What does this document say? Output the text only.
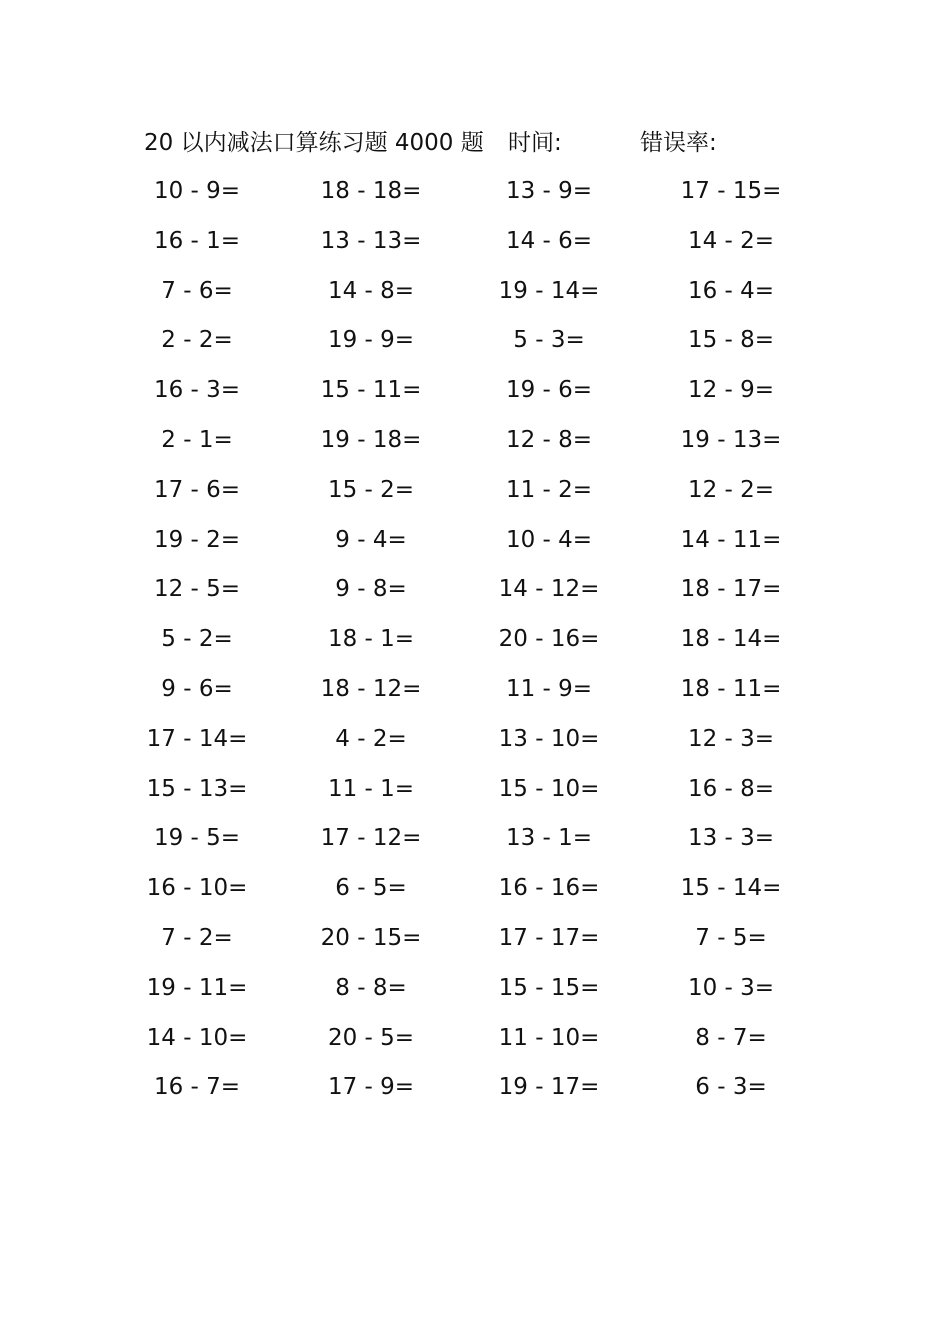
20 以内减法口算练习题 4000 题 时间:	错误率:
10 - 9=	18 - 18=	13 - 9=	17 - 15=
16 - 1=	13 - 13=	14 - 6=	14 - 2=
7 - 6=	14 - 8=	19 - 14=	16 - 4=
2 - 2=	19 - 9=	5 - 3=	15 - 8=
16 - 3=	15 - 11=	19 - 6=	12 - 9=
2 - 1=	19 - 18=	12 - 8=	19 - 13=
17 - 6=	15 - 2=	11 - 2=	12 - 2=
19 - 2=	9 - 4=	10 - 4=	14 - 11=
12 - 5=	9 - 8=	14 - 12=	18 - 17=
5 - 2=	18 - 1=	20 - 16=	18 - 14=
9 - 6=	18 - 12=	11 - 9=	18 - 11=
17 - 14=	4 - 2=	13 - 10=	12 - 3=
15 - 13=	11 - 1=	15 - 10=	16 - 8=
19 - 5=	17 - 12=	13 - 1=	13 - 3=
16 - 10=	6 - 5=	16 - 16=	15 - 14=
7 - 2=	20 - 15=	17 - 17=	7 - 5=
19 - 11=	8 - 8=	15 - 15=	10 - 3=
14 - 10=	20 - 5=	11 - 10=	8 - 7=
16 - 7=	17 - 9=	19 - 17=	6 - 3=
